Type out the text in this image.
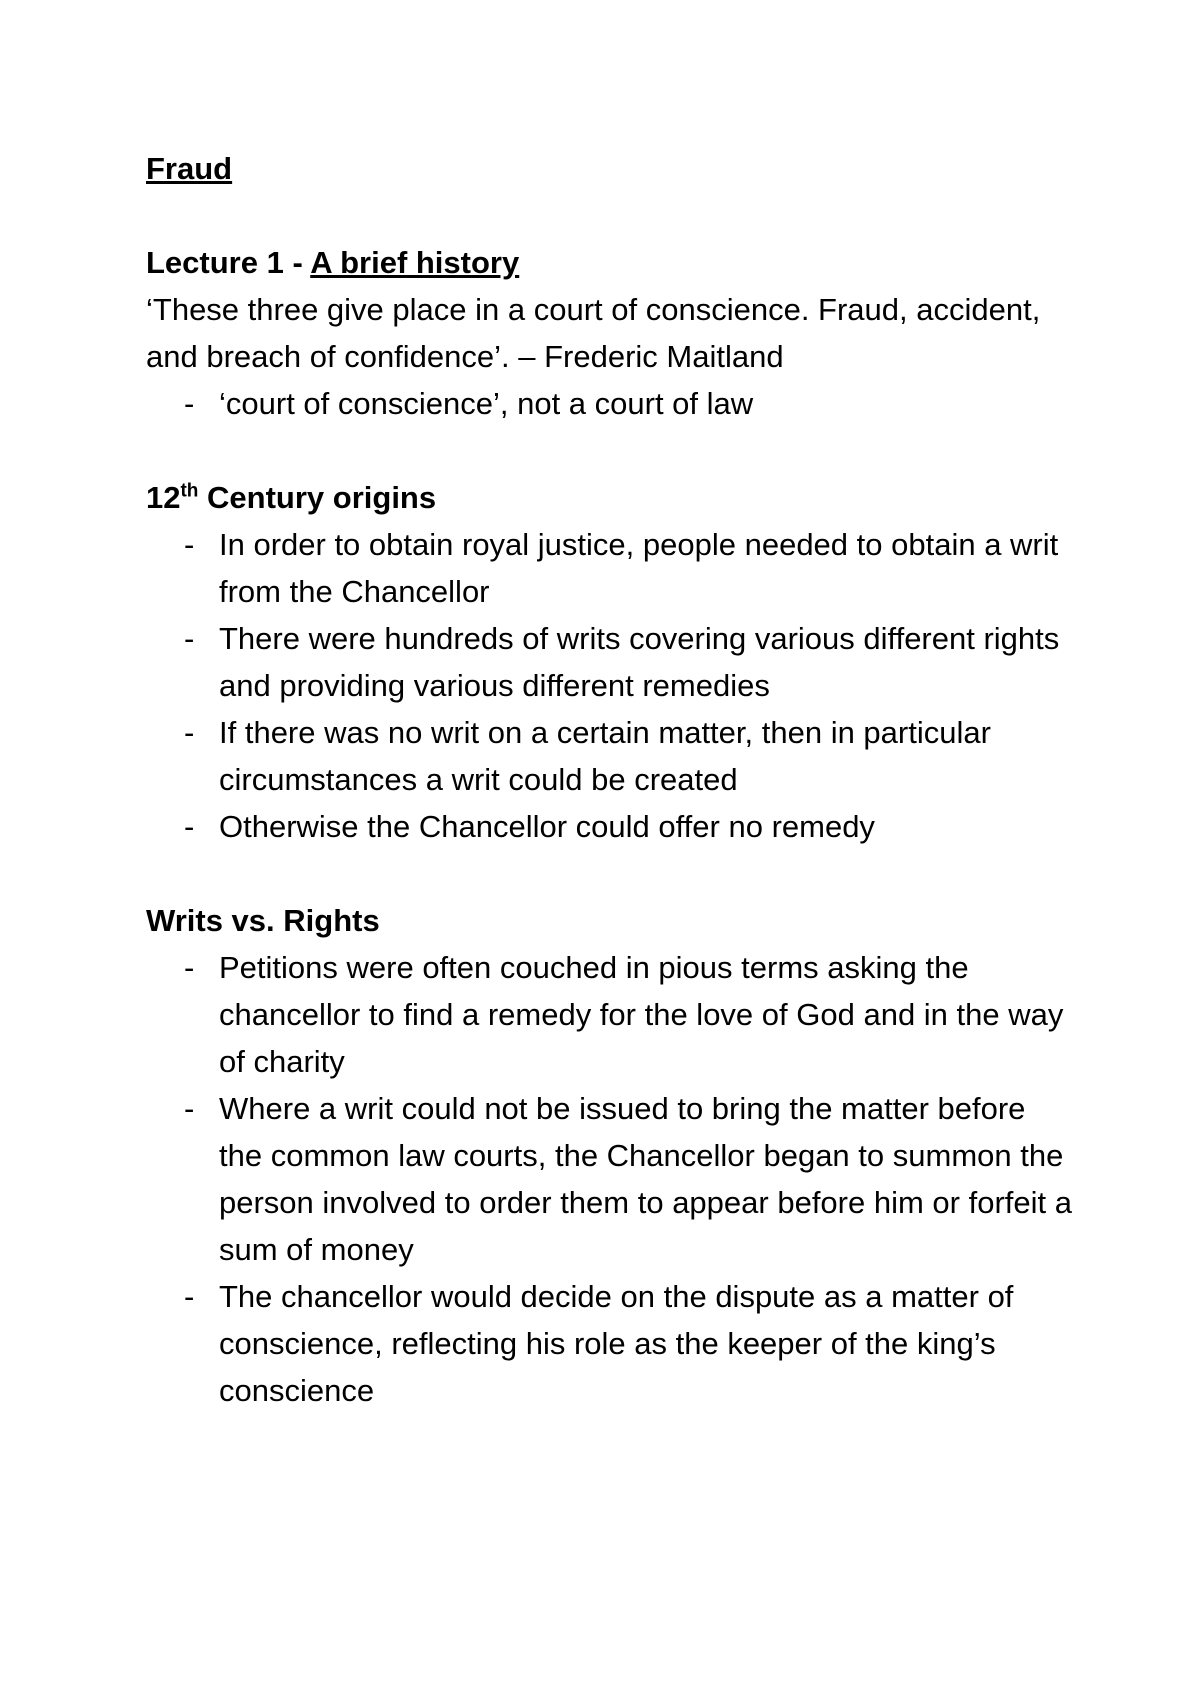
Fraud

Lecture 1 - A brief history

‘These three give place in a court of conscience. Fraud, accident, and breach of confidence’. – Frederic Maitland

- ‘court of conscience’, not a court of law

12th Century origins

- In order to obtain royal justice, people needed to obtain a writ from the Chancellor
- There were hundreds of writs covering various different rights and providing various different remedies
- If there was no writ on a certain matter, then in particular circumstances a writ could be created
- Otherwise the Chancellor could offer no remedy

Writs vs. Rights

- Petitions were often couched in pious terms asking the chancellor to find a remedy for the love of God and in the way of charity
- Where a writ could not be issued to bring the matter before the common law courts, the Chancellor began to summon the person involved to order them to appear before him or forfeit a sum of money
- The chancellor would decide on the dispute as a matter of conscience, reflecting his role as the keeper of the king’s conscience
